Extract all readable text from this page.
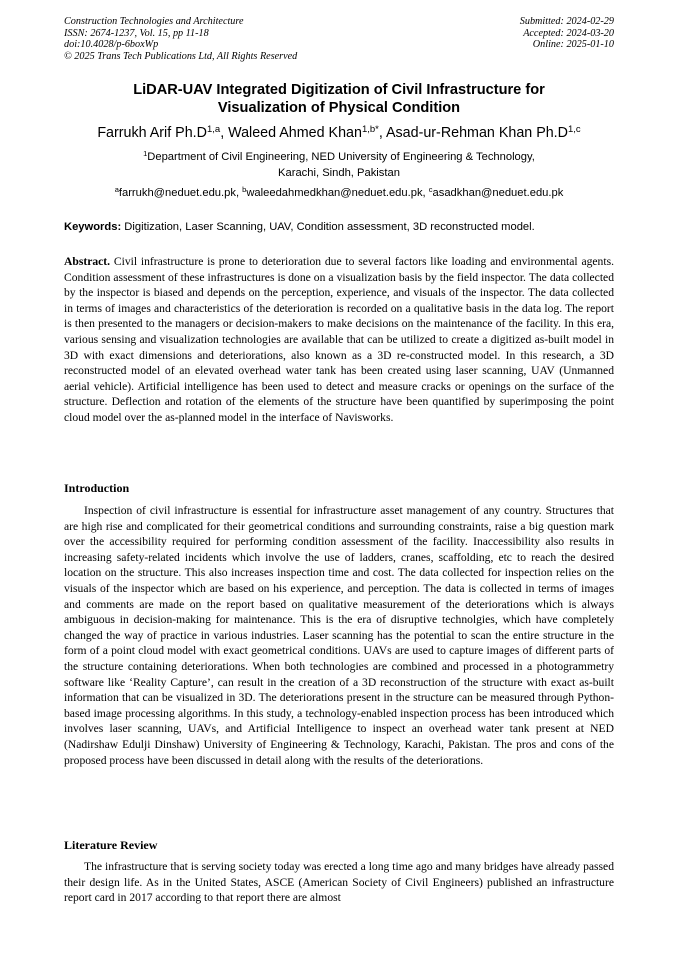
Construction Technologies and Architecture
ISSN: 2674-1237, Vol. 15, pp 11-18
doi:10.4028/p-6boxWp
© 2025 Trans Tech Publications Ltd, All Rights Reserved
Submitted: 2024-02-29
Accepted: 2024-03-20
Online: 2025-01-10
LiDAR-UAV Integrated Digitization of Civil Infrastructure for
Visualization of Physical Condition
Farrukh Arif $Ph.D^{1,a}$, Waleed Ahmed Khan$^{1,b*}$, Asad-ur-Rehman Khan $Ph.D^{1,c}$
$^1$Department of Civil Engineering, NED University of Engineering & Technology,
Karachi, Sindh, Pakistan
$^a$farrukh@neduet.edu.pk, $^b$waleedahmedkhan@neduet.edu.pk, $^c$asadkhan@neduet.edu.pk
Keywords: Digitization, Laser Scanning, UAV, Condition assessment, 3D reconstructed model.
Abstract. Civil infrastructure is prone to deterioration due to several factors like loading and environmental agents. Condition assessment of these infrastructures is done on a visualization basis by the field inspector. The data collected by the inspector is biased and depends on the perception, experience, and visuals of the inspector. The data collected in terms of images and characteristics of the deterioration is recorded on a qualitative basis in the data log. The report is then presented to the managers or decision-makers to make decisions on the maintenance of the facility. In this era, various sensing and visualization technologies are available that can be utilized to create a digitized as-built model in 3D with exact dimensions and deteriorations, also known as a 3D re-constructed model. In this research, a 3D reconstructed model of an elevated overhead water tank has been created using laser scanning, UAV (Unmanned aerial vehicle). Artificial intelligence has been used to detect and measure cracks or openings on the surface of the structure. Deflection and rotation of the elements of the structure have been quantified by superimposing the point cloud model over the as-planned model in the interface of Navisworks.
Introduction
Inspection of civil infrastructure is essential for infrastructure asset management of any country. Structures that are high rise and complicated for their geometrical conditions and surrounding constraints, raise a big question mark over the accessibility required for performing condition assessment of the facility. Inaccessibility also results in increasing safety-related incidents which involve the use of ladders, cranes, scaffolding, etc to reach the desired location on the structure. This also increases inspection time and cost. The data collected for inspection relies on the visuals of the inspector which are based on his experience, and perception. The data is collected in terms of images and comments are made on the report based on qualitative measurement of the deteriorations which is always ambiguous in decision-making for maintenance. This is the era of disruptive technolgies, which have completely changed the way of practice in various industries. Laser scanning has the potential to scan the entire structure in the form of a point cloud model with exact geometrical conditions. UAVs are used to capture images of different parts of the structure containing deteriorations. When both technologies are combined and processed in a photogrammetry software like ‘Reality Capture’, can result in the creation of a 3D reconstruction of the structure with exact as-built information that can be visualized in 3D. The deteriorations present in the structure can be measured through Python-based image processing algorithms. In this study, a technology-enabled inspection process has been introduced which involves laser scanning, UAVs, and Artificial Intelligence to inspect an overhead water tank present at NED (Nadirshaw Edulji Dinshaw) University of Engineering & Technology, Karachi, Pakistan. The pros and cons of the proposed process have been discussed in detail along with the results of the deteriorations.
Literature Review
The infrastructure that is serving society today was erected a long time ago and many bridges have already passed their design life. As in the United States, ASCE (American Society of Civil Engineers) published an infrastructure report card in 2017 according to that report there are almost
